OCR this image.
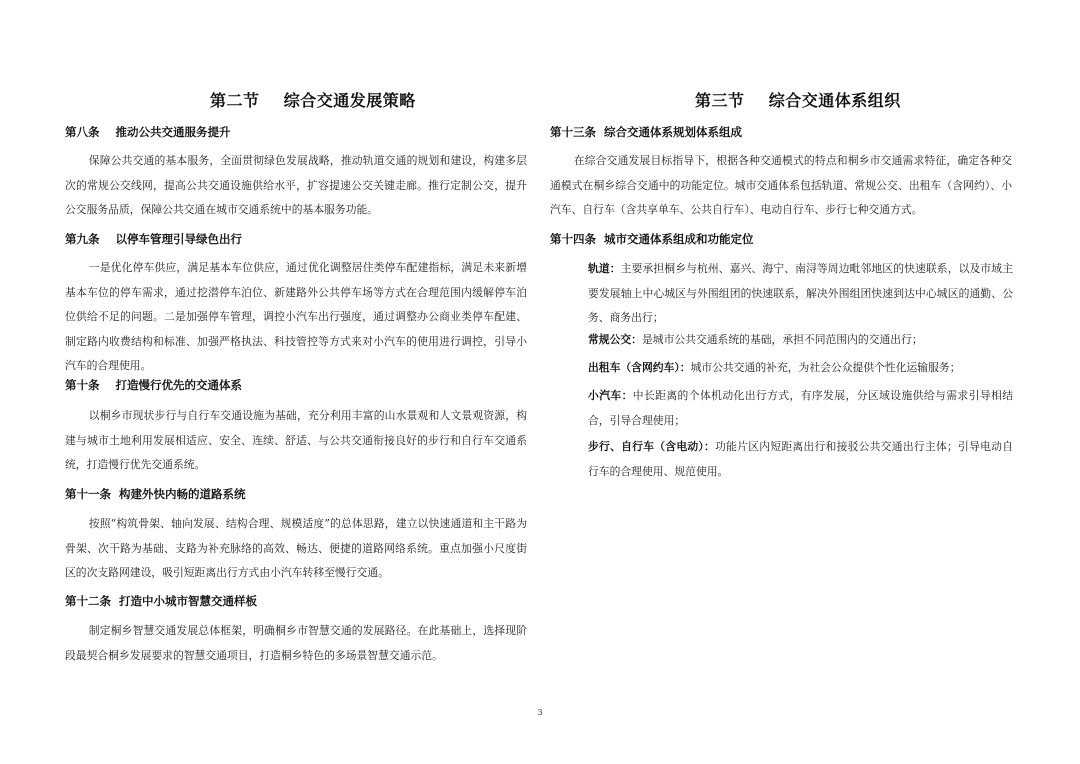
第二节    综合交通发展策略
第八条    推动公共交通服务提升

保障公共交通的基本服务，全面贯彻绿色发展战略，推动轨道交通的规划和建设，构建多层次的常规公交线网，提高公共交通设施供给水平，扩容提速公交关键走廊。推行定制公交，提升公交服务品质，保障公共交通在城市交通系统中的基本服务功能。

第九条    以停车管理引导绿色出行

一是优化停车供应，满足基本车位供应，通过优化调整居住类停车配建指标，满足未来新增基本车位的停车需求，通过挖潜停车泊位、新建路外公共停车场等方式在合理范围内缓解停车泊位供给不足的问题。二是加强停车管理，调控小汽车出行强度，通过调整办公商业类停车配建、制定路内收费结构和标准、加强严格执法、科技管控等方式来对小汽车的使用进行调控，引导小汽车的合理使用。

第十条    打造慢行优先的交通体系

以桐乡市现状步行与自行车交通设施为基础，充分利用丰富的山水景观和人文景观资源，构建与城市土地利用发展相适应、安全、连续、舒适、与公共交通衔接良好的步行和自行车交通系统，打造慢行优先交通系统。

第十一条  构建外快内畅的道路系统

按照“构筑骨架、轴向发展、结构合理、规模适度”的总体思路，建立以快速通道和主干路为骨架、次干路为基础、支路为补充脉络的高效、畅达、便捷的道路网络系统。重点加强小尺度街区的次支路网建设，吸引短距离出行方式由小汽车转移至慢行交通。

第十二条  打造中小城市智慧交通样板

制定桐乡智慧交通发展总体框架，明确桐乡市智慧交通的发展路径。在此基础上，选择现阶段最契合桐乡发展要求的智慧交通项目，打造桐乡特色的多场景智慧交通示范。

第三节    综合交通体系组织
第十三条  综合交通体系规划体系组成

在综合交通发展目标指导下，根据各种交通模式的特点和桐乡市交通需求特征，确定各种交通模式在桐乡综合交通中的功能定位。城市交通体系包括轨道、常规公交、出租车（含网约）、小汽车、自行车（含共享单车、公共自行车）、电动自行车、步行七种交通方式。

第十四条  城市交通体系组成和功能定位

轨道：主要承担桐乡与杭州、嘉兴、海宁、南浔等周边毗邻地区的快速联系，以及市域主要发展轴上中心城区与外围组团的快速联系，解决外围组团快速到达中心城区的通勤、公务、商务出行；

常规公交：是城市公共交通系统的基础，承担不同范围内的交通出行；

出租车（含网约车）：城市公共交通的补充，为社会公众提供个性化运输服务；

小汽车：中长距离的个体机动化出行方式，有序发展，分区域设施供给与需求引导相结合，引导合理使用；

步行、自行车（含电动）：功能片区内短距离出行和接驳公共交通出行主体；引导电动自行车的合理使用、规范使用。

3
